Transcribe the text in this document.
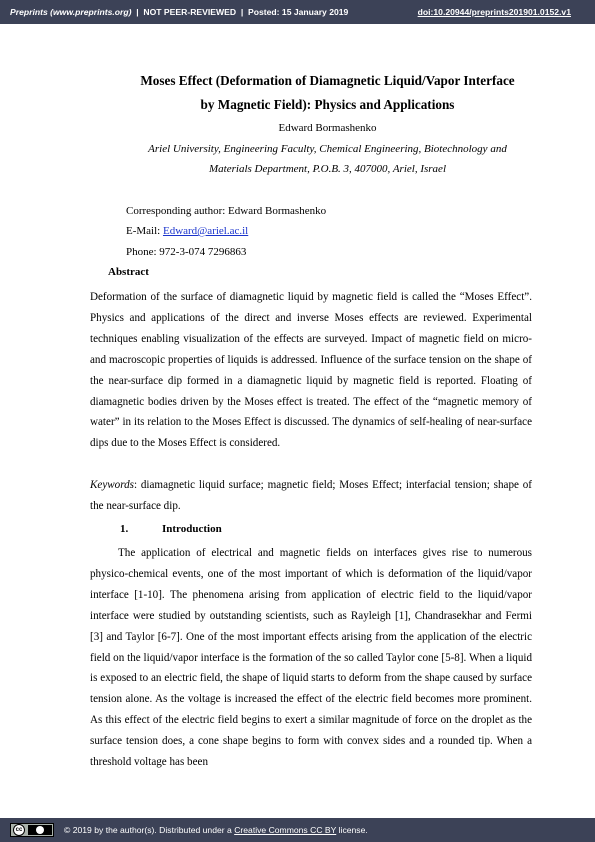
Preprints (www.preprints.org) | NOT PEER-REVIEWED | Posted: 15 January 2019	doi:10.20944/preprints201901.0152.v1
Moses Effect (Deformation of Diamagnetic Liquid/Vapor Interface
by Magnetic Field): Physics and Applications
Edward Bormashenko
Ariel University, Engineering Faculty, Chemical Engineering, Biotechnology and
Materials Department, P.O.B. 3, 407000, Ariel, Israel
Corresponding author: Edward Bormashenko
E-Mail: Edward@ariel.ac.il
Phone: 972-3-074 7296863
Abstract

Deformation of the surface of diamagnetic liquid by magnetic field is called the “Moses Effect”. Physics and applications of the direct and inverse Moses effects are reviewed. Experimental techniques enabling visualization of the effects are surveyed. Impact of magnetic field on micro- and macroscopic properties of liquids is addressed. Influence of the surface tension on the shape of the near-surface dip formed in a diamagnetic liquid by magnetic field is reported. Floating of diamagnetic bodies driven by the Moses effect is treated. The effect of the “magnetic memory of water” in its relation to the Moses Effect is discussed. The dynamics of self-healing of near-surface dips due to the Moses Effect is considered.

Keywords: diamagnetic liquid surface; magnetic field; Moses Effect; interfacial tension; shape of the near-surface dip.

1.	Introduction

The application of electrical and magnetic fields on interfaces gives rise to numerous physico-chemical events, one of the most important of which is deformation of the liquid/vapor interface [1-10]. The phenomena arising from application of electric field to the liquid/vapor interface were studied by outstanding scientists, such as Rayleigh [1], Chandrasekhar and Fermi [3] and Taylor [6-7]. One of the most important effects arising from the application of the electric field on the liquid/vapor interface is the formation of the so called Taylor cone [5-8]. When a liquid is exposed to an electric field, the shape of liquid starts to deform from the shape caused by surface tension alone. As the voltage is increased the effect of the electric field becomes more prominent. As this effect of the electric field begins to exert a similar magnitude of force on the droplet as the surface tension does, a cone shape begins to form with convex sides and a rounded tip. When a threshold voltage has been

cc	© 2019 by the author(s). Distributed under a Creative Commons CC BY license.
